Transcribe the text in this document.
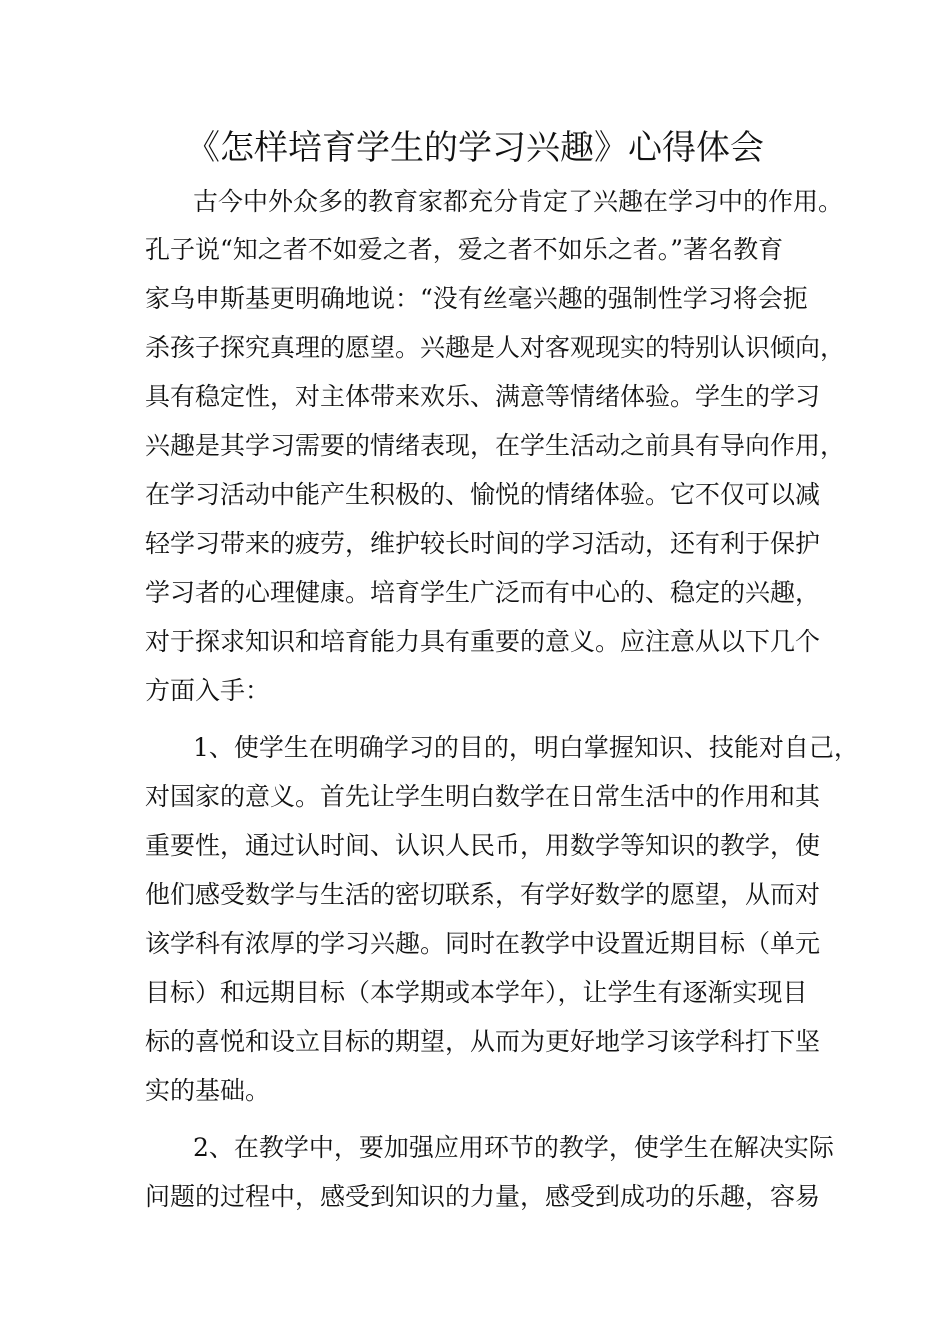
《怎样培育学生的学习兴趣》心得体会
古今中外众多的教育家都充分肯定了兴趣在学习中的作用。
孔子说“知之者不如爱之者，爱之者不如乐之者。”著名教育
家乌申斯基更明确地说：“没有丝毫兴趣的强制性学习将会扼
杀孩子探究真理的愿望。兴趣是人对客观现实的特别认识倾向，
具有稳定性，对主体带来欢乐、满意等情绪体验。学生的学习
兴趣是其学习需要的情绪表现，在学生活动之前具有导向作用，
在学习活动中能产生积极的、愉悦的情绪体验。它不仅可以减
轻学习带来的疲劳，维护较长时间的学习活动，还有利于保护
学习者的心理健康。培育学生广泛而有中心的、稳定的兴趣，
对于探求知识和培育能力具有重要的意义。应注意从以下几个
方面入手：
1、使学生在明确学习的目的，明白掌握知识、技能对自己，
对国家的意义。首先让学生明白数学在日常生活中的作用和其
重要性，通过认时间、认识人民币，用数学等知识的教学，使
他们感受数学与生活的密切联系，有学好数学的愿望，从而对
该学科有浓厚的学习兴趣。同时在教学中设置近期目标（单元
目标）和远期目标（本学期或本学年），让学生有逐渐实现目
标的喜悦和设立目标的期望，从而为更好地学习该学科打下坚
实的基础。
2、在教学中，要加强应用环节的教学，使学生在解决实际
问题的过程中，感受到知识的力量，感受到成功的乐趣，容易
